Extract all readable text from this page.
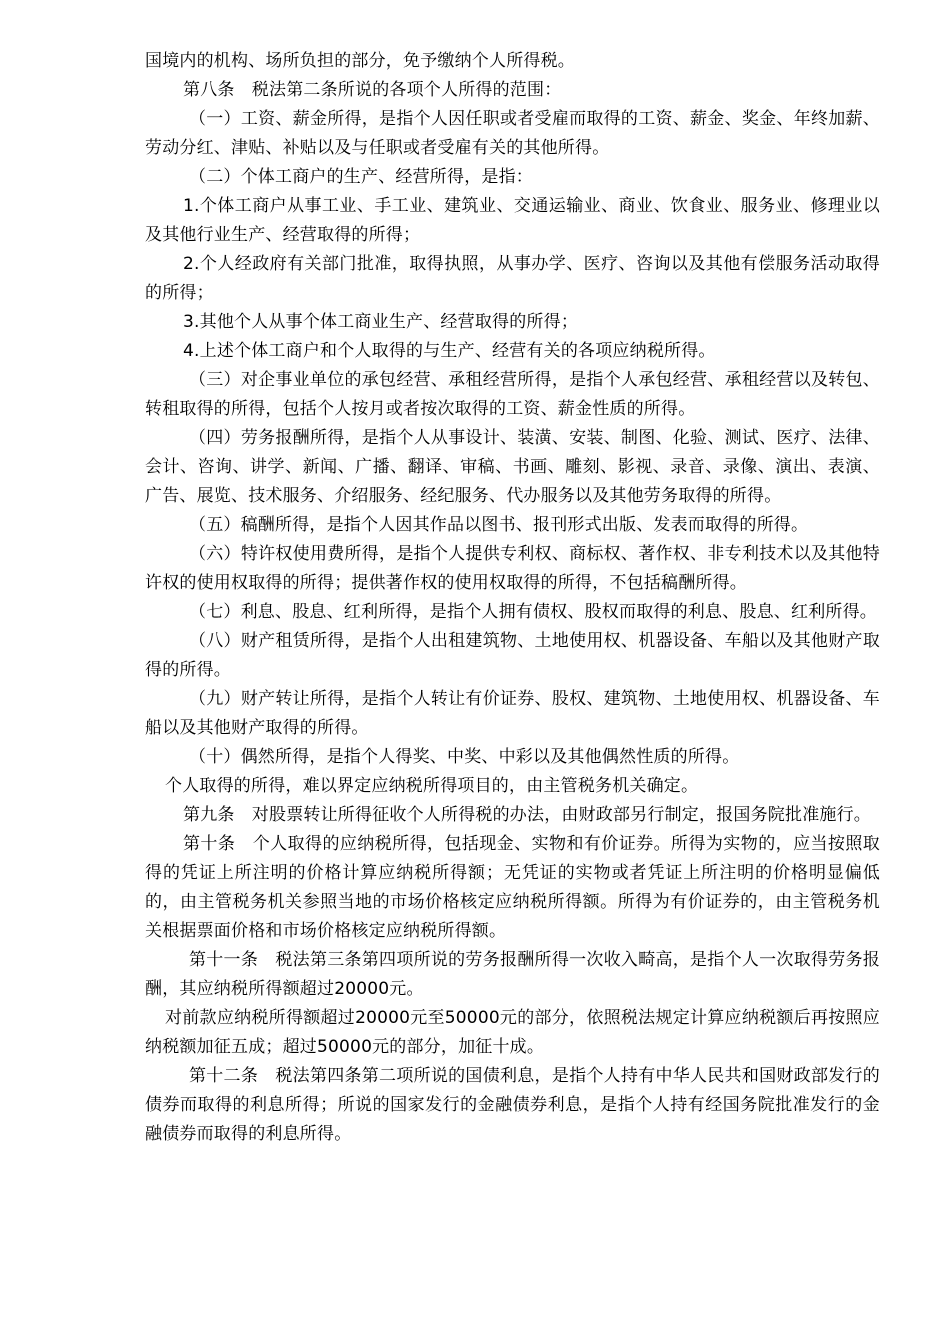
国境内的机构、场所负担的部分，免予缴纳个人所得税。

第八条　税法第二条所说的各项个人所得的范围：

（一）工资、薪金所得，是指个人因任职或者受雇而取得的工资、薪金、奖金、年终加薪、劳动分红、津贴、补贴以及与任职或者受雇有关的其他所得。

（二）个体工商户的生产、经营所得，是指：

1.个体工商户从事工业、手工业、建筑业、交通运输业、商业、饮食业、服务业、修理业以及其他行业生产、经营取得的所得；

2.个人经政府有关部门批准，取得执照，从事办学、医疗、咨询以及其他有偿服务活动取得的所得；

3.其他个人从事个体工商业生产、经营取得的所得；

4.上述个体工商户和个人取得的与生产、经营有关的各项应纳税所得。

（三）对企事业单位的承包经营、承租经营所得，是指个人承包经营、承租经营以及转包、转租取得的所得，包括个人按月或者按次取得的工资、薪金性质的所得。

（四）劳务报酬所得，是指个人从事设计、装潢、安装、制图、化验、测试、医疗、法律、会计、咨询、讲学、新闻、广播、翻译、审稿、书画、雕刻、影视、录音、录像、演出、表演、广告、展览、技术服务、介绍服务、经纪服务、代办服务以及其他劳务取得的所得。

（五）稿酬所得，是指个人因其作品以图书、报刊形式出版、发表而取得的所得。

（六）特许权使用费所得，是指个人提供专利权、商标权、著作权、非专利技术以及其他特许权的使用权取得的所得；提供著作权的使用权取得的所得，不包括稿酬所得。

（七）利息、股息、红利所得，是指个人拥有债权、股权而取得的利息、股息、红利所得。

（八）财产租赁所得，是指个人出租建筑物、土地使用权、机器设备、车船以及其他财产取得的所得。

（九）财产转让所得，是指个人转让有价证券、股权、建筑物、土地使用权、机器设备、车船以及其他财产取得的所得。

（十）偶然所得，是指个人得奖、中奖、中彩以及其他偶然性质的所得。

个人取得的所得，难以界定应纳税所得项目的，由主管税务机关确定。

第九条　对股票转让所得征收个人所得税的办法，由财政部另行制定，报国务院批准施行。

第十条　个人取得的应纳税所得，包括现金、实物和有价证券。所得为实物的，应当按照取得的凭证上所注明的价格计算应纳税所得额；无凭证的实物或者凭证上所注明的价格明显偏低的，由主管税务机关参照当地的市场价格核定应纳税所得额。所得为有价证券的，由主管税务机关根据票面价格和市场价格核定应纳税所得额。

第十一条　税法第三条第四项所说的劳务报酬所得一次收入畸高，是指个人一次取得劳务报酬，其应纳税所得额超过20000元。

对前款应纳税所得额超过20000元至50000元的部分，依照税法规定计算应纳税额后再按照应纳税额加征五成；超过50000元的部分，加征十成。

第十二条　税法第四条第二项所说的国债利息，是指个人持有中华人民共和国财政部发行的债券而取得的利息所得；所说的国家发行的金融债券利息，是指个人持有经国务院批准发行的金融债券而取得的利息所得。
